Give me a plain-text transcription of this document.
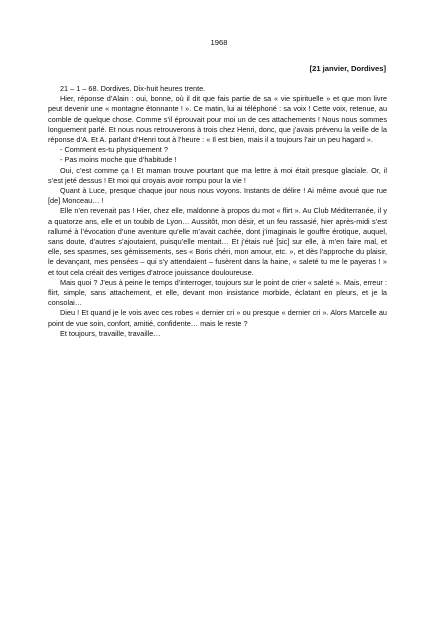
1968
[21 janvier, Dordives]

21 – 1 – 68. Dordives. Dix-huit heures trente.

Hier, réponse d’Alain : oui, bonne, où il dit que fais partie de sa « vie spirituelle » et que mon livre peut devenir une « montagne étonnante ! ». Ce matin, lui ai téléphoné : sa voix ! Cette voix, retenue, au comble de quelque chose. Comme s’il éprouvait pour moi un de ces attachements ! Nous nous sommes longuement parlé. Et nous nous retrouverons à trois chez Henri, donc, que j’avais prévenu la veille de la réponse d’A. Et A. parlant d’Henri tout à l’heure : « Il est bien, mais il a toujours l’air un peu hagard ».

- Comment es-tu physiquement ?

- Pas moins moche que d’habitude !

Oui, c’est comme ça ! Et maman trouve pourtant que ma lettre à moi était presque glaciale. Or, il s’est jeté dessus ! Et moi qui croyais avoir rompu pour la vie !

Quant à Luce, presque chaque jour nous nous voyons. Instants de délire ! Ai même avoué que rue [de] Monceau… !

Elle n’en revenait pas ! Hier, chez elle, maldonne à propos du mot « flirt ». Au Club Méditerranée, il y a quatorze ans, elle et un toubib de Lyon… Aussitôt, mon désir, et un feu rassasié, hier après-midi s’est rallumé à l’évocation d’une aventure qu’elle m’avait cachée, dont j’imaginais le gouffre érotique, auquel, sans doute, d’autres s’ajoutaient, puisqu’elle mentait… Et j’étais rué [sic] sur elle, à m’en faire mal, et elle, ses spasmes, ses gémissements, ses « Boris chéri, mon amour, etc. », et dès l’approche du plaisir, le devançant, mes pensées – qui s’y attendaient – fusèrent dans la haine, « saleté tu me le payeras ! » et tout cela créait des vertiges d’atroce jouissance douloureuse.

Mais quoi ? J’eus à peine le temps d’interroger, toujours sur le point de crier « saleté ». Mais, erreur : flirt, simple, sans attachement, et elle, devant mon insistance morbide, éclatant en pleurs, et je la consolai…

Dieu ! Et quand je le vois avec ces robes « dernier cri » ou presque « dernier cri ». Alors Marcelle au point de vue soin, confort, amitié, confidente… mais le reste ?

Et toujours, travaille, travaille…
